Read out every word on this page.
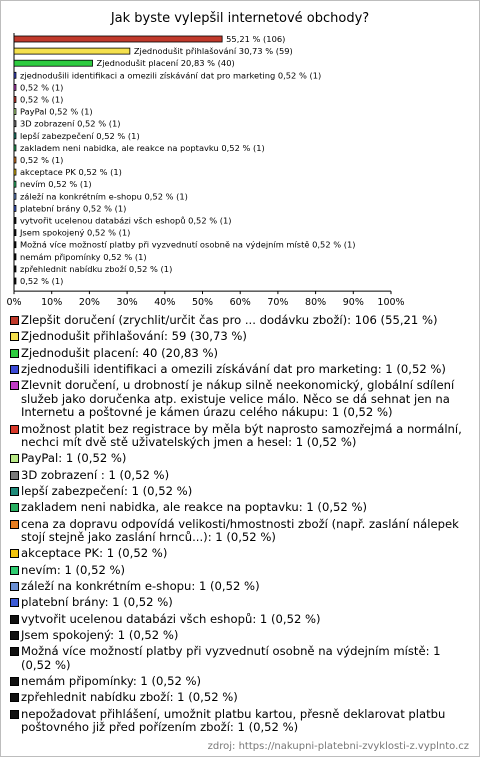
Jak byste vylepšil internetové obchody?
55,21 % (106)
Zjednodušit přihlašování 30,73 % (59)
Zjednodušit placení 20,83 % (40)
zjednodušili identifikaci a omezili získávání dat pro marketing 0,52 % (1)
0,52 % (1)
0,52 % (1)
PayPal 0,52 % (1)
3D zobrazení 0,52 % (1)
lepší zabezpečení 0,52 % (1)
zakladem neni nabidka, ale reakce na poptavku 0,52 % (1)
0,52 % (1)
akceptace PK 0,52 % (1)
nevím 0,52 % (1)
záleží na konkrétním e-shopu 0,52 % (1)
platební brány 0,52 % (1)
vytvořit ucelenou databázi všch eshopů 0,52 % (1)
Jsem spokojený 0,52 % (1)
Možná více možností platby při vyzvednutí osobně na výdejním místě 0,52 % (1)
nemám připomínky 0,52 % (1)
zpřehlednit nabídku zboží 0,52 % (1)
0,52 % (1)
0% 10% 20% 30% 40% 50% 60% 70% 80% 90% 100%
Zlepšit doručení (zrychlit/určit čas pro ... dodávku zboží): 106 (55,21 %)
Zjednodušit přihlašování: 59 (30,73 %)
Zjednodušit placení: 40 (20,83 %)
zjednodušili identifikaci a omezili získávání dat pro marketing: 1 (0,52 %)
Zlevnit doručení, u drobností je nákup silně neekonomický, globální sdílení služeb jako doručenka atp. existuje velice málo. Něco se dá sehnat jen na Internetu a poštovné je kámen úrazu celého nákupu: 1 (0,52 %)
možnost platit bez registrace by měla být naprosto samozřejmá a normální, nechci mít dvě stě uživatelských jmen a hesel: 1 (0,52 %)
PayPal: 1 (0,52 %)
3D zobrazení : 1 (0,52 %)
lepší zabezpečení: 1 (0,52 %)
zakladem neni nabidka, ale reakce na poptavku: 1 (0,52 %)
cena za dopravu odpovídá velikosti/hmostnosti zboží (např. zaslání nálepek stojí stejně jako zaslání hrnců...): 1 (0,52 %)
akceptace PK: 1 (0,52 %)
nevím: 1 (0,52 %)
záleží na konkrétním e-shopu: 1 (0,52 %)
platební brány: 1 (0,52 %)
vytvořit ucelenou databázi všch eshopů: 1 (0,52 %)
Jsem spokojený: 1 (0,52 %)
Možná více možností platby při vyzvednutí osobně na výdejním místě: 1 (0,52 %)
nemám připomínky: 1 (0,52 %)
zpřehlednit nabídku zboží: 1 (0,52 %)
nepožadovat přihlášení, umožnit platbu kartou, přesně deklarovat platbu poštovného již před pořízením zboží: 1 (0,52 %)
zdroj: https://nakupni-platebni-zvyklosti-z.vyplnto.cz
